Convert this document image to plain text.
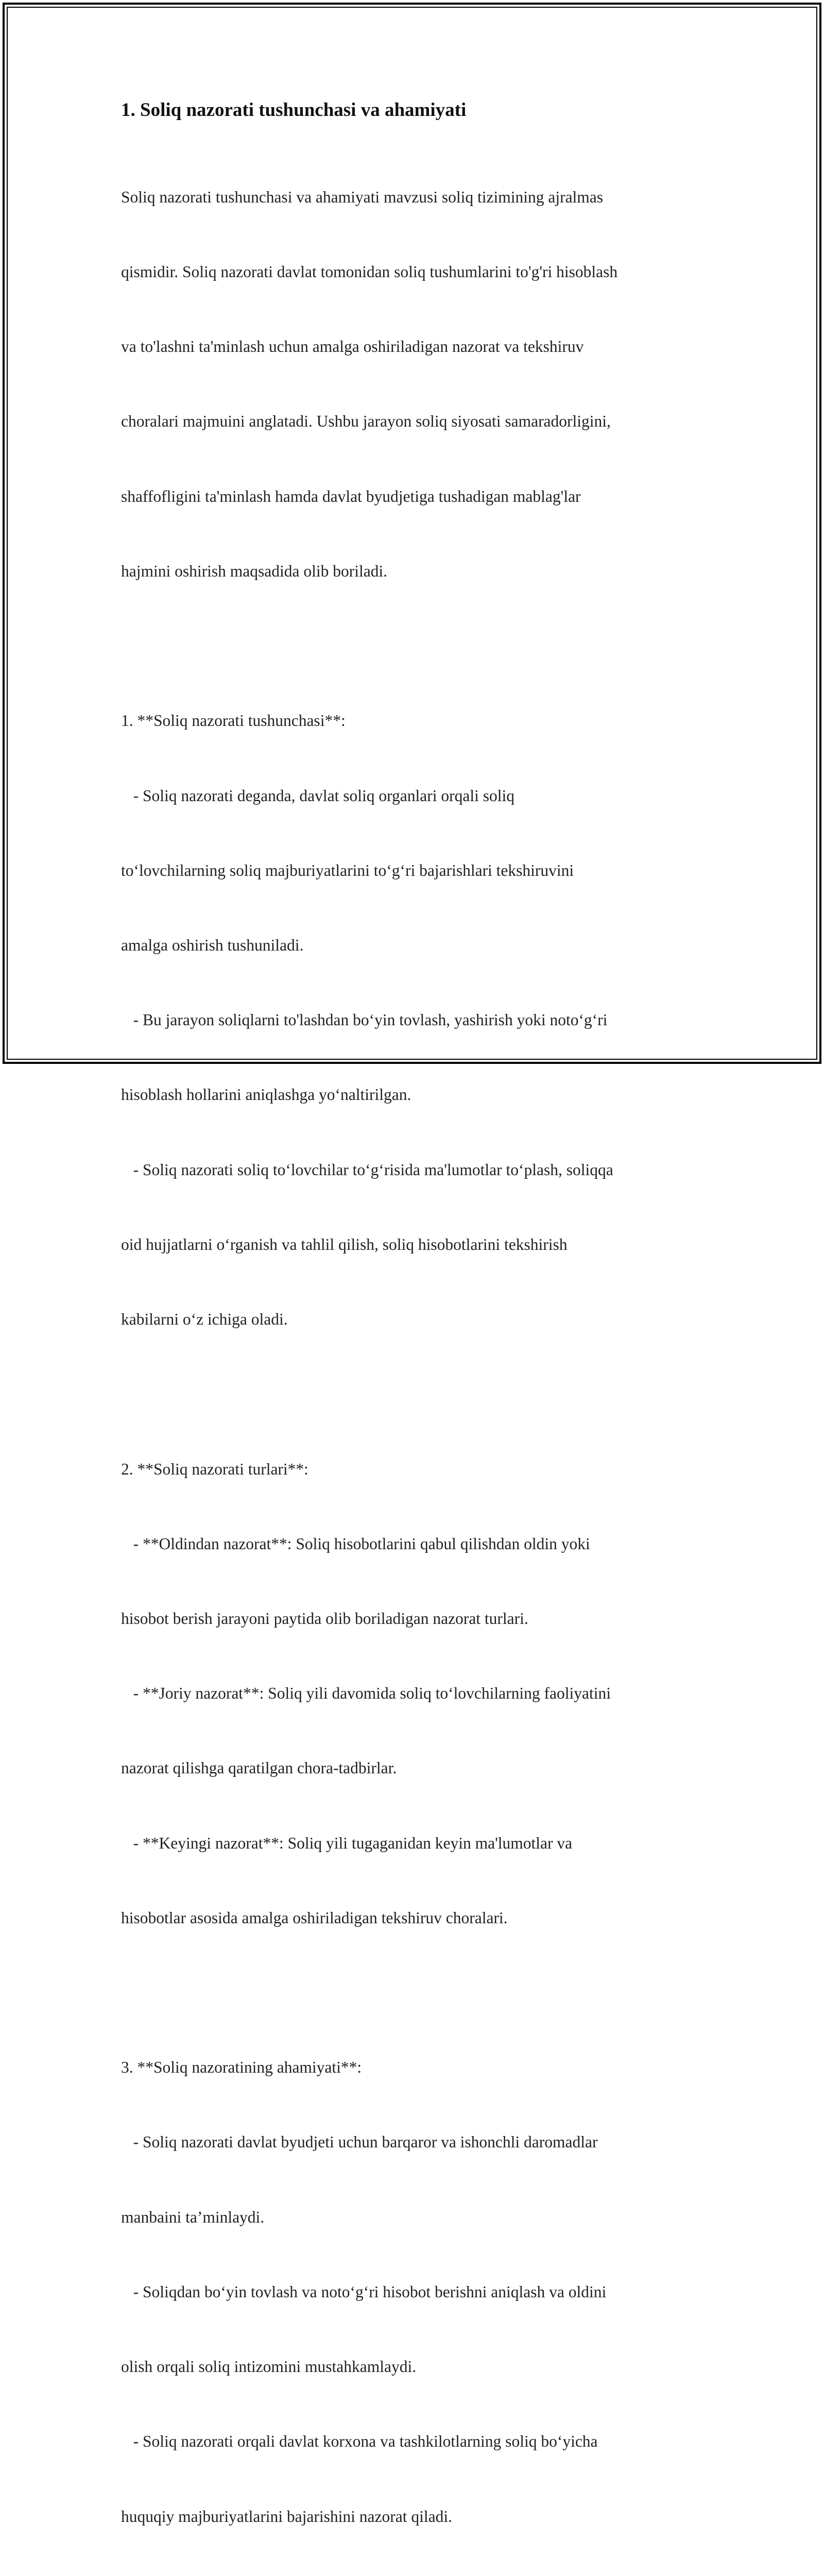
1. Soliq nazorati tushunchasi va ahamiyati

Soliq nazorati tushunchasi va ahamiyati mavzusi soliq tizimining ajralmas

qismidir. Soliq nazorati davlat tomonidan soliq tushumlarini to'g'ri hisoblash

va to'lashni ta'minlash uchun amalga oshiriladigan nazorat va tekshiruv

choralari majmuini anglatadi. Ushbu jarayon soliq siyosati samaradorligini,

shaffofligini ta'minlash hamda davlat byudjetiga tushadigan mablag'lar

hajmini oshirish maqsadida olib boriladi.

1. **Soliq nazorati tushunchasi**:

- Soliq nazorati deganda, davlat soliq organlari orqali soliq

to‘lovchilarning soliq majburiyatlarini to‘g‘ri bajarishlari tekshiruvini

amalga oshirish tushuniladi.

- Bu jarayon soliqlarni to'lashdan bo‘yin tovlash, yashirish yoki noto‘g‘ri

hisoblash hollarini aniqlashga yo‘naltirilgan.

- Soliq nazorati soliq to‘lovchilar to‘g‘risida ma'lumotlar to‘plash, soliqqa

oid hujjatlarni o‘rganish va tahlil qilish, soliq hisobotlarini tekshirish

kabilarni o‘z ichiga oladi.

2. **Soliq nazorati turlari**:

- **Oldindan nazorat**: Soliq hisobotlarini qabul qilishdan oldin yoki

hisobot berish jarayoni paytida olib boriladigan nazorat turlari.

- **Joriy nazorat**: Soliq yili davomida soliq to‘lovchilarning faoliyatini

nazorat qilishga qaratilgan chora-tadbirlar.

- **Keyingi nazorat**: Soliq yili tugaganidan keyin ma'lumotlar va

hisobotlar asosida amalga oshiriladigan tekshiruv choralari.

3. **Soliq nazoratining ahamiyati**:

- Soliq nazorati davlat byudjeti uchun barqaror va ishonchli daromadlar

manbaini ta’minlaydi.

- Soliqdan bo‘yin tovlash va noto‘g‘ri hisobot berishni aniqlash va oldini

olish orqali soliq intizomini mustahkamlaydi.

- Soliq nazorati orqali davlat korxona va tashkilotlarning soliq bo‘yicha

huquqiy majburiyatlarini bajarishini nazorat qiladi.
